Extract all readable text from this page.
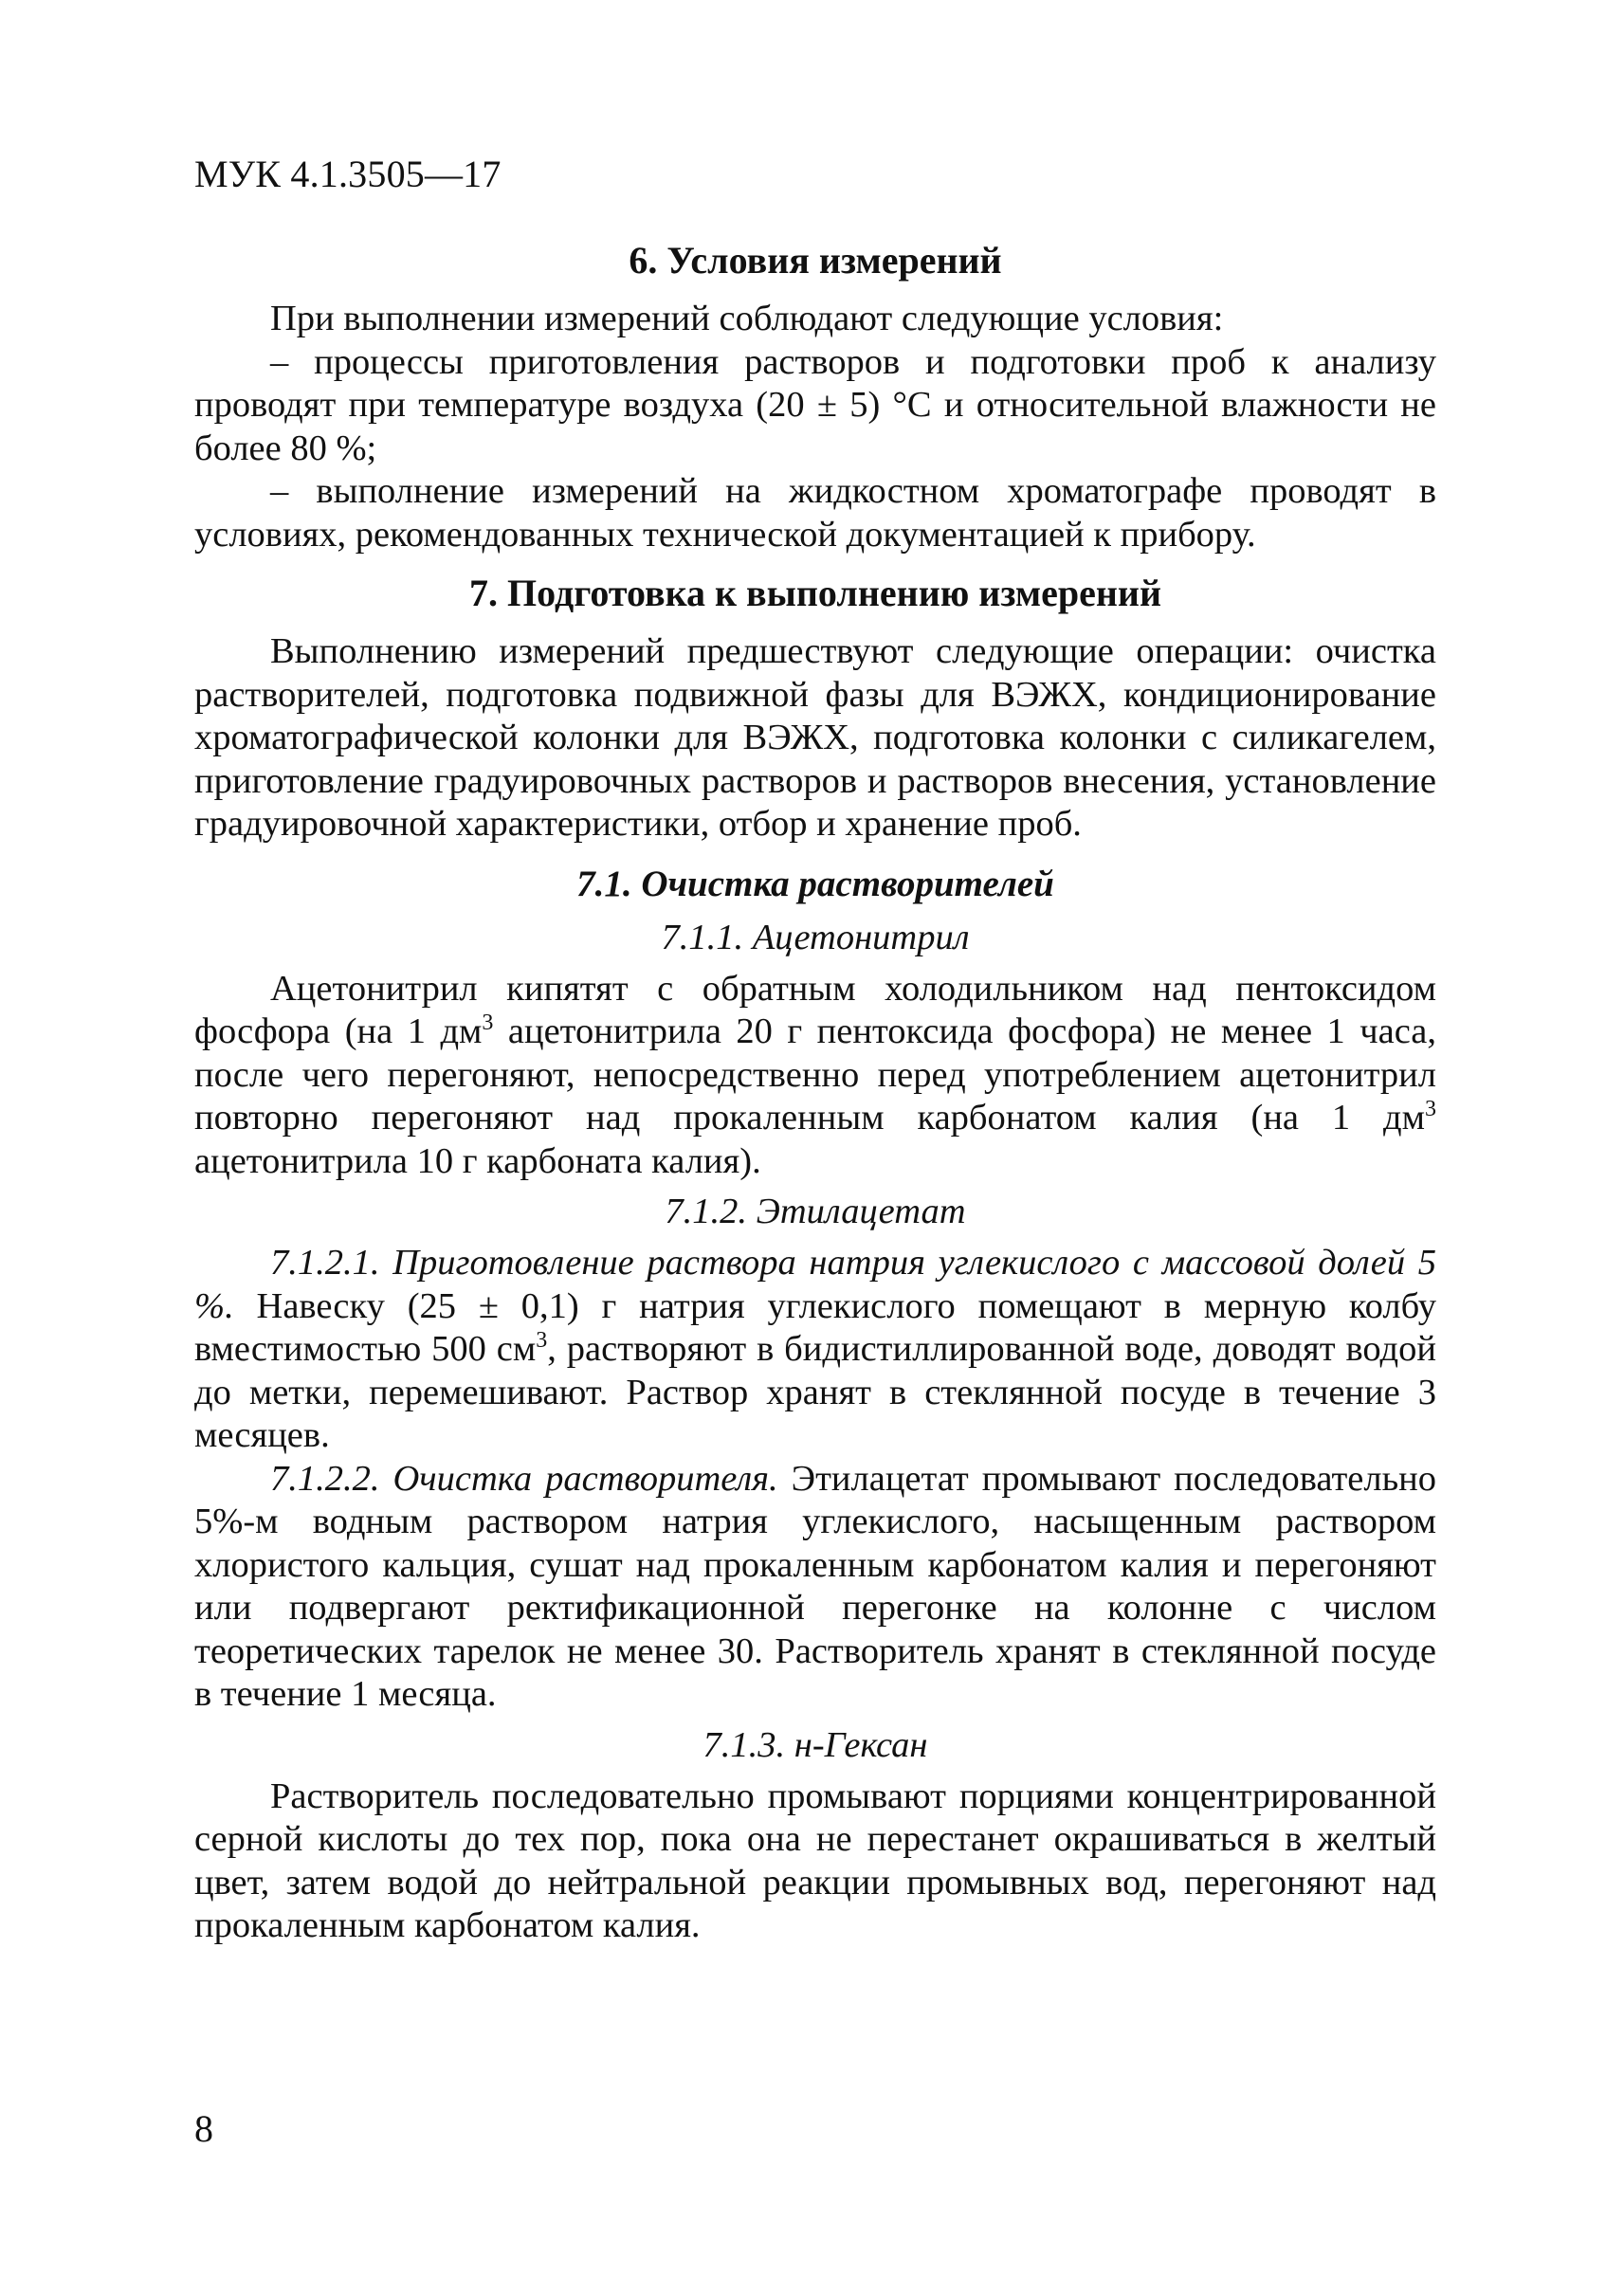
МУК 4.1.3505—17
6. Условия измерений

При выполнении измерений соблюдают следующие условия:

– процессы приготовления растворов и подготовки проб к анализу проводят при температуре воздуха (20 ± 5) °С и относительной влажности не более 80 %;

– выполнение измерений на жидкостном хроматографе проводят в условиях, рекомендованных технической документацией к прибору.

7. Подготовка к выполнению измерений

Выполнению измерений предшествуют следующие операции: очистка растворителей, подготовка подвижной фазы для ВЭЖХ, кондиционирование хроматографической колонки для ВЭЖХ, подготовка колонки с силикагелем, приготовление градуировочных растворов и растворов внесения, установление градуировочной характеристики, отбор и хранение проб.

7.1. Очистка растворителей
7.1.1. Ацетонитрил

Ацетонитрил кипятят с обратным холодильником над пентоксидом фосфора (на 1 $дм^3$ ацетонитрила 20 г пентоксида фосфора) не менее 1 часа, после чего перегоняют, непосредственно перед употреблением ацетонитрил повторно перегоняют над прокаленным карбонатом калия (на 1 $дм^3$ ацетонитрила 10 г карбоната калия).

7.1.2. Этилацетат

7.1.2.1. Приготовление раствора натрия углекислого с массовой долей 5 %. Навеску (25 ± 0,1) г натрия углекислого помещают в мерную колбу вместимостью 500 $см^3$, растворяют в бидистиллированной воде, доводят водой до метки, перемешивают. Раствор хранят в стеклянной посуде в течение 3 месяцев.

7.1.2.2. Очистка растворителя. Этилацетат промывают последовательно 5%-м водным раствором натрия углекислого, насыщенным раствором хлористого кальция, сушат над прокаленным карбонатом калия и перегоняют или подвергают ректификационной перегонке на колонне с числом теоретических тарелок не менее 30. Растворитель хранят в стеклянной посуде в течение 1 месяца.

7.1.3. н-Гексан

Растворитель последовательно промывают порциями концентрированной серной кислоты до тех пор, пока она не перестанет окрашиваться в желтый цвет, затем водой до нейтральной реакции промывных вод, перегоняют над прокаленным карбонатом калия.

8
